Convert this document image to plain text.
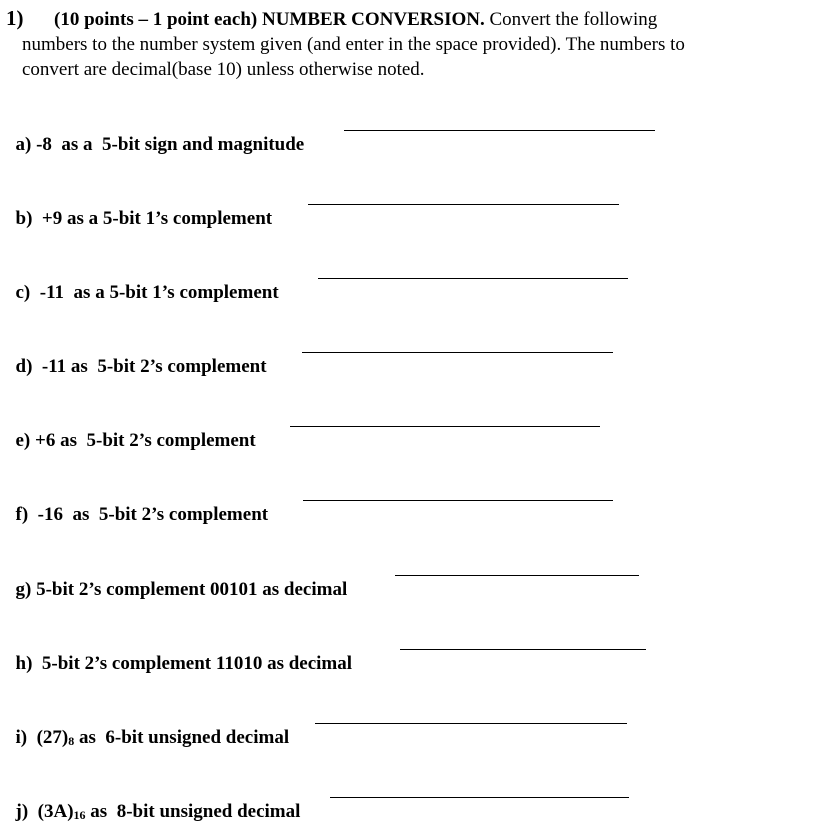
1) (10 points – 1 point each) NUMBER CONVERSION. Convert the following
numbers to the number system given (and enter in the space provided). The numbers to
convert are decimal(base 10) unless otherwise noted.

a) -8  as a  5-bit sign and magnitude

b)  +9 as a 5-bit 1’s complement

c)  -11  as a 5-bit 1’s complement

d)  -11 as  5-bit 2’s complement

e) +6 as  5-bit 2’s complement

f)  -16  as  5-bit 2’s complement

g) 5-bit 2’s complement 00101 as decimal

h)  5-bit 2’s complement 11010 as decimal

i)  $(27)_8$ as  6-bit unsigned decimal

j)  $(3A)_{16}$ as  8-bit unsigned decimal
